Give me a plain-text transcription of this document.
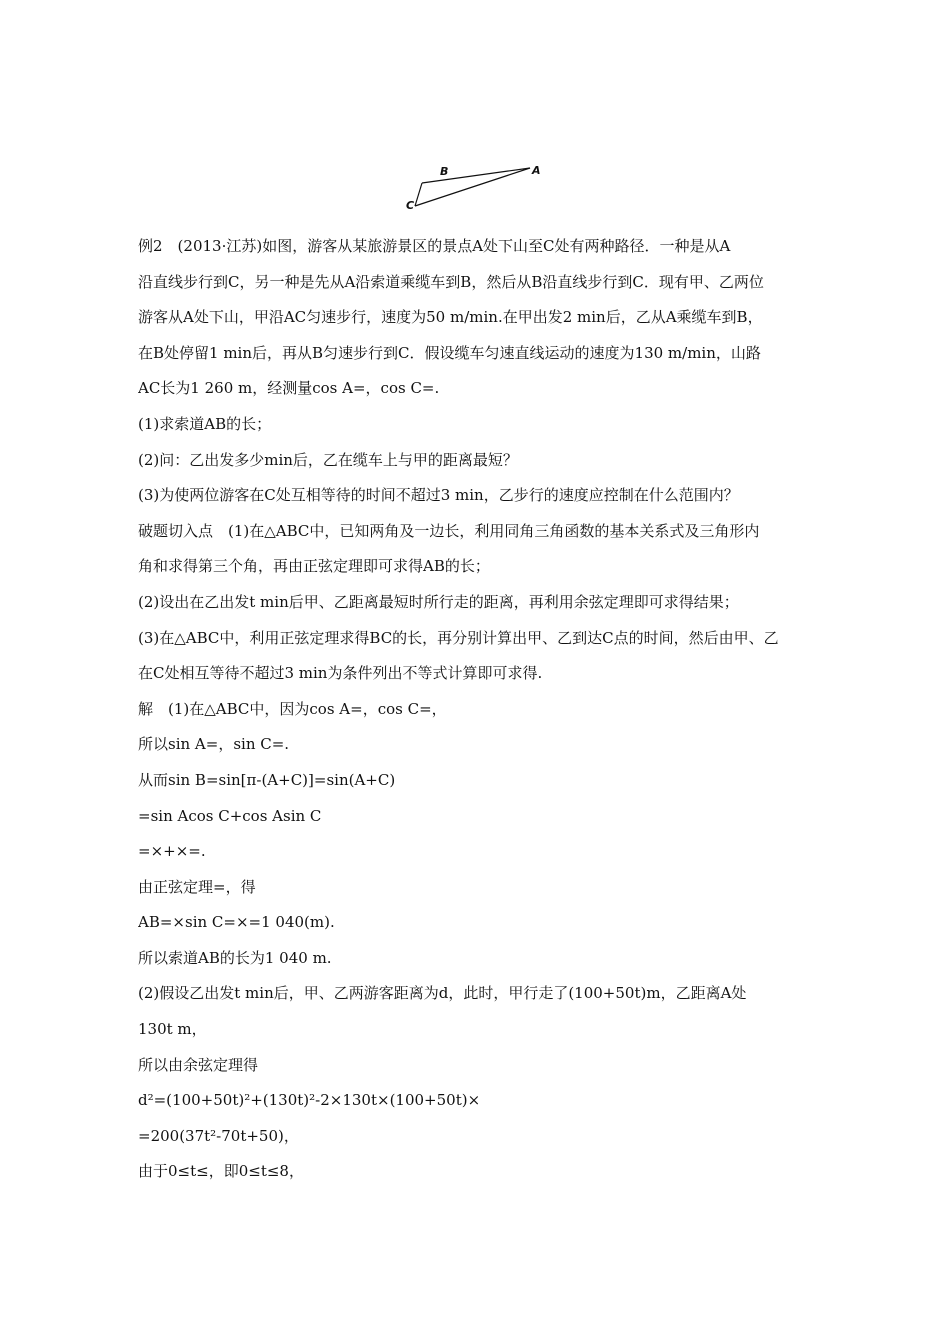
B	A
C
例2　(2013·江苏)如图，游客从某旅游景区的景点A处下山至C处有两种路径．一种是从A
沿直线步行到C，另一种是先从A沿索道乘缆车到B，然后从B沿直线步行到C．现有甲、乙两位
游客从A处下山，甲沿AC匀速步行，速度为50 m/min.在甲出发2 min后，乙从A乘缆车到B，
在B处停留1 min后，再从B匀速步行到C．假设缆车匀速直线运动的速度为130 m/min，山路
AC长为1 260 m，经测量cos A=，cos C=.
(1)求索道AB的长；
(2)问：乙出发多少min后，乙在缆车上与甲的距离最短？
(3)为使两位游客在C处互相等待的时间不超过3 min，乙步行的速度应控制在什么范围内？
破题切入点　(1)在△ABC中，已知两角及一边长，利用同角三角函数的基本关系式及三角形内
角和求得第三个角，再由正弦定理即可求得AB的长；
(2)设出在乙出发t min后甲、乙距离最短时所行走的距离，再利用余弦定理即可求得结果；
(3)在△ABC中，利用正弦定理求得BC的长，再分别计算出甲、乙到达C点的时间，然后由甲、乙
在C处相互等待不超过3 min为条件列出不等式计算即可求得.
解　(1)在△ABC中，因为cos A=，cos C=，
所以sin A=，sin C=.
从而sin B=sin[π-(A+C)]=sin(A+C)
=sin Acos C+cos Asin C
=×+×=.
由正弦定理=，得
AB=×sin C=×=1 040(m).
所以索道AB的长为1 040 m.
(2)假设乙出发t min后，甲、乙两游客距离为d，此时，甲行走了(100+50t)m，乙距离A处
130t m，
所以由余弦定理得
d²=(100+50t)²+(130t)²-2×130t×(100+50t)×
=200(37t²-70t+50)，
由于0≤t≤，即0≤t≤8，
